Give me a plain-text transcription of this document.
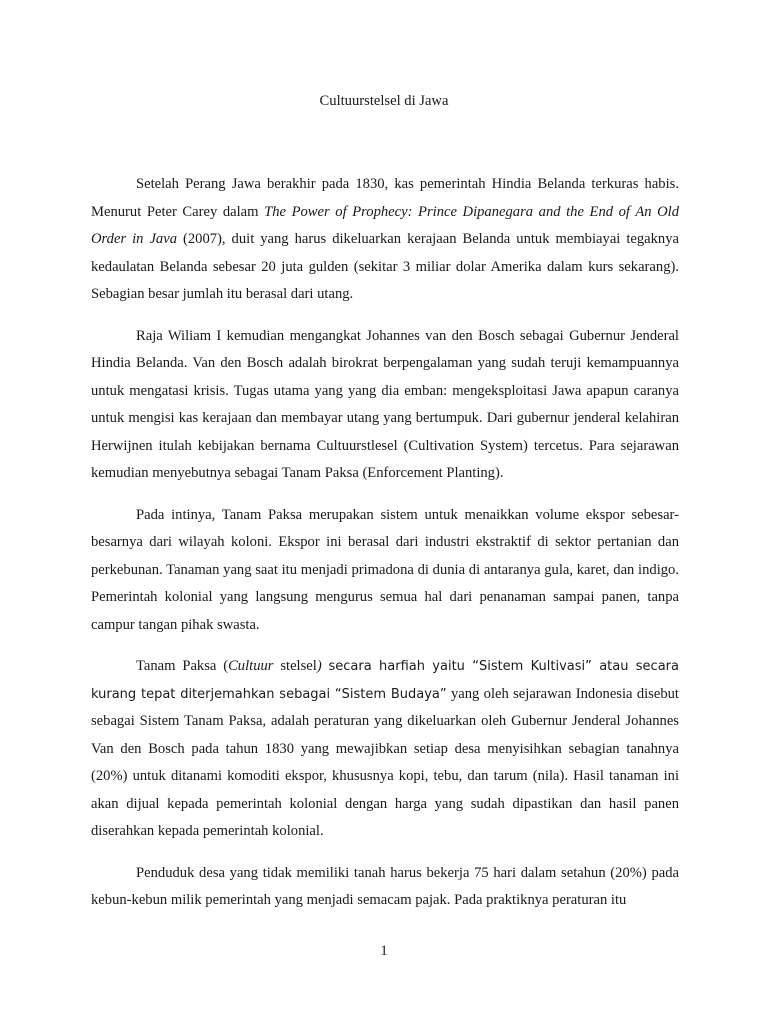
Cultuurstelsel di Jawa

Setelah Perang Jawa berakhir pada 1830, kas pemerintah Hindia Belanda terkuras habis. Menurut Peter Carey dalam The Power of Prophecy: Prince Dipanegara and the End of An Old Order in Java (2007), duit yang harus dikeluarkan kerajaan Belanda untuk membiayai tegaknya kedaulatan Belanda sebesar 20 juta gulden (sekitar 3 miliar dolar Amerika dalam kurs sekarang). Sebagian besar jumlah itu berasal dari utang.

Raja Wiliam I kemudian mengangkat Johannes van den Bosch sebagai Gubernur Jenderal Hindia Belanda. Van den Bosch adalah birokrat berpengalaman yang sudah teruji kemampuannya untuk mengatasi krisis. Tugas utama yang yang dia emban: mengeksploitasi Jawa apapun caranya untuk mengisi kas kerajaan dan membayar utang yang bertumpuk. Dari gubernur jenderal kelahiran Herwijnen itulah kebijakan bernama Cultuurstlesel (Cultivation System) tercetus. Para sejarawan kemudian menyebutnya sebagai Tanam Paksa (Enforcement Planting).

Pada intinya, Tanam Paksa merupakan sistem untuk menaikkan volume ekspor sebesar-besarnya dari wilayah koloni. Ekspor ini berasal dari industri ekstraktif di sektor pertanian dan perkebunan. Tanaman yang saat itu menjadi primadona di dunia di antaranya gula, karet, dan indigo. Pemerintah kolonial yang langsung mengurus semua hal dari penanaman sampai panen, tanpa campur tangan pihak swasta.

Tanam Paksa (Cultuur stelsel) secara harfiah yaitu “Sistem Kultivasi” atau secara kurang tepat diterjemahkan sebagai “Sistem Budaya” yang oleh sejarawan Indonesia disebut sebagai Sistem Tanam Paksa, adalah peraturan yang dikeluarkan oleh Gubernur Jenderal Johannes Van den Bosch pada tahun 1830 yang mewajibkan setiap desa menyisihkan sebagian tanahnya (20%) untuk ditanami komoditi ekspor, khususnya kopi, tebu, dan tarum (nila). Hasil tanaman ini akan dijual kepada pemerintah kolonial dengan harga yang sudah dipastikan dan hasil panen diserahkan kepada pemerintah kolonial.

Penduduk desa yang tidak memiliki tanah harus bekerja 75 hari dalam setahun (20%) pada kebun-kebun milik pemerintah yang menjadi semacam pajak. Pada praktiknya peraturan itu

1
